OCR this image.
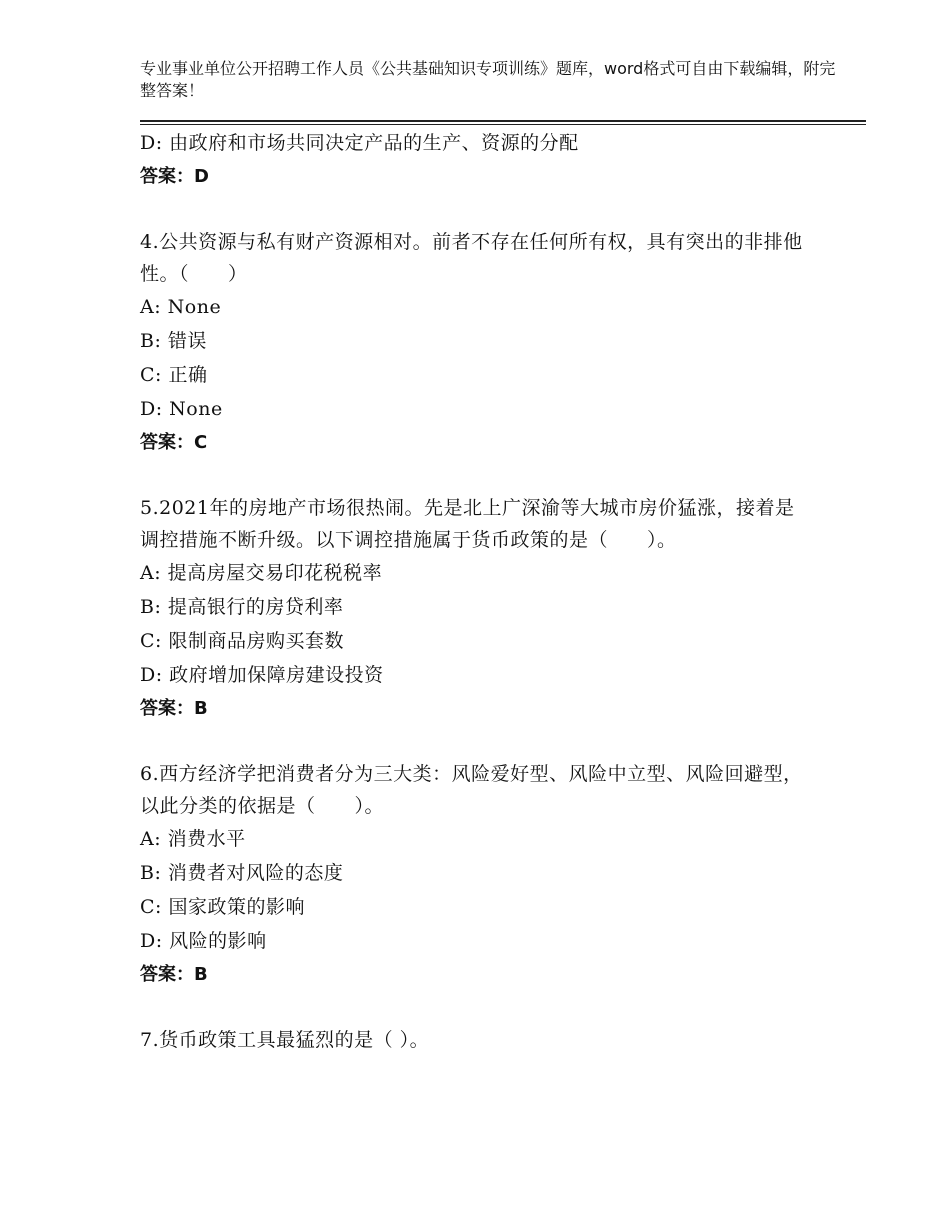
专业事业单位公开招聘工作人员《公共基础知识专项训练》题库，word格式可自由下载编辑，附完整答案！
D: 由政府和市场共同决定产品的生产、资源的分配
答案：D
4.公共资源与私有财产资源相对。前者不存在任何所有权，具有突出的非排他性。（　　）
A: None
B: 错误
C: 正确
D: None
答案：C
5.2021年的房地产市场很热闹。先是北上广深渝等大城市房价猛涨，接着是调控措施不断升级。以下调控措施属于货币政策的是（　　）。
A: 提高房屋交易印花税税率
B: 提高银行的房贷利率
C: 限制商品房购买套数
D: 政府增加保障房建设投资
答案：B
6.西方经济学把消费者分为三大类：风险爱好型、风险中立型、风险回避型，以此分类的依据是（　　）。
A: 消费水平
B: 消费者对风险的态度
C: 国家政策的影响
D: 风险的影响
答案：B
7.货币政策工具最猛烈的是（ ）。
